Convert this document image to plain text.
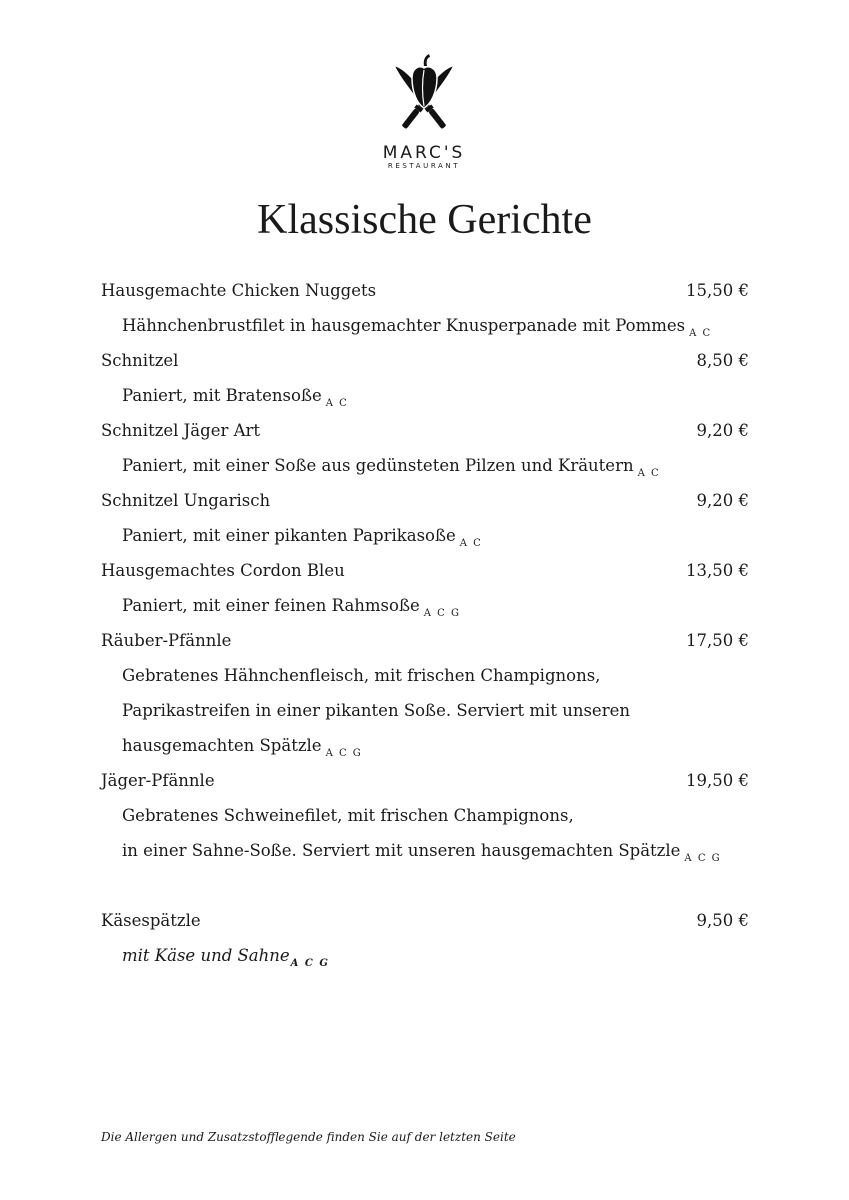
MARC'S
RESTAURANT
Klassische Gerichte
Hausgemachte Chicken Nuggets	15,50 €
Hähnchenbrustfilet in hausgemachter Knusperpanade mit Pommes $_{A C}$
Schnitzel	8,50 €
Paniert, mit Bratensoße $_{A C}$
Schnitzel Jäger Art	9,20 €
Paniert, mit einer Soße aus gedünsteten Pilzen und Kräutern $_{A C}$
Schnitzel Ungarisch	9,20 €
Paniert, mit einer pikanten Paprikasoße $_{A C}$
Hausgemachtes Cordon Bleu	13,50 €
Paniert, mit einer feinen Rahmsoße $_{A C G}$
Räuber-Pfännle	17,50 €
Gebratenes Hähnchenfleisch, mit frischen Champignons,
Paprikastreifen in einer pikanten Soße. Serviert mit unseren
hausgemachten Spätzle $_{A C G}$
Jäger-Pfännle	19,50 €
Gebratenes Schweinefilet, mit frischen Champignons,
in einer Sahne-Soße. Serviert mit unseren hausgemachten Spätzle $_{A C G}$
Käsespätzle	9,50 €
mit Käse und Sahne$_{A C G}$
Die Allergen und Zusatzstofflegende finden Sie auf der letzten Seite
